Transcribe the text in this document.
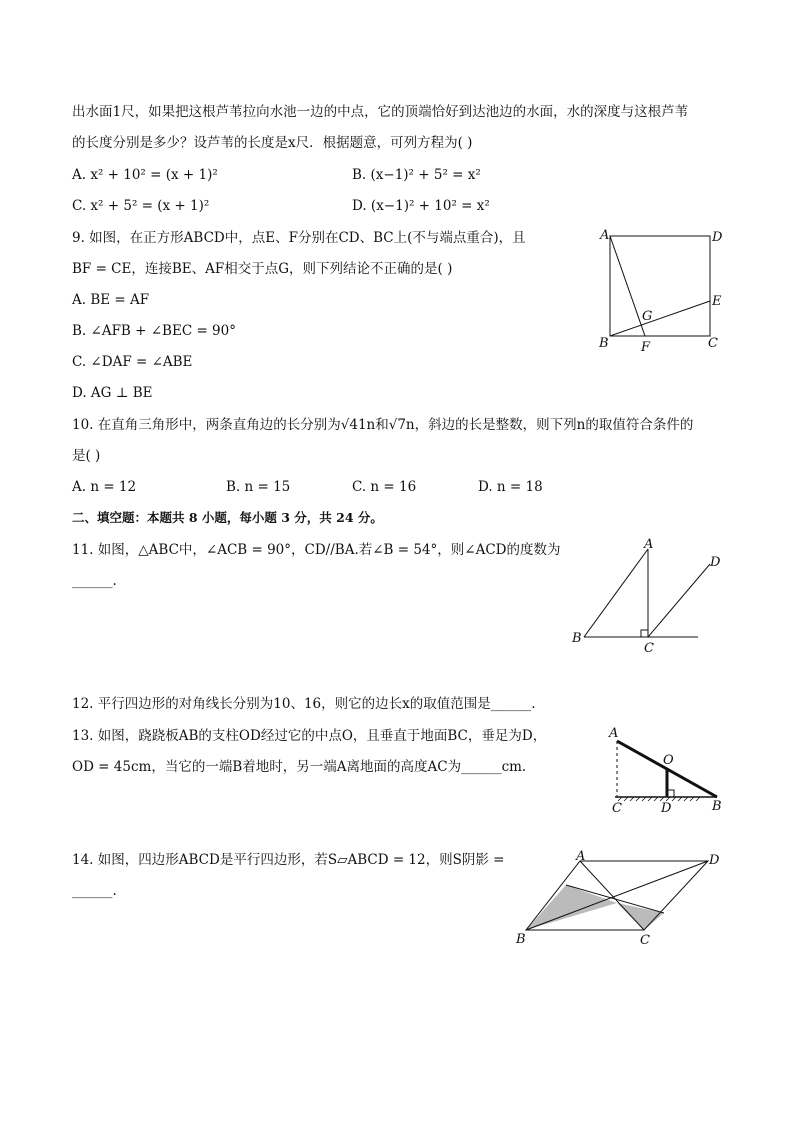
出水面1尺，如果把这根芦苇拉向水池一边的中点，它的顶端恰好到达池边的水面，水的深度与这根芦苇
的长度分别是多少？设芦苇的长度是x尺．根据题意，可列方程为( )
A. x² + 10² = (x + 1)²	B. (x−1)² + 5² = x²
C. x² + 5² = (x + 1)²	D. (x−1)² + 10² = x²
9. 如图，在正方形ABCD中，点E、F分别在CD、BC上(不与端点重合)，且
BF = CE，连接BE、AF相交于点G，则下列结论不正确的是( )
A. BE = AF
B. ∠AFB + ∠BEC = 90°
C. ∠DAF = ∠ABE
D. AG ⊥ BE
A	D
E
G
B F	C
10. 在直角三角形中，两条直角边的长分别为√41n和√7n，斜边的长是整数，则下列n的取值符合条件的
是( )
A. n = 12	B. n = 15	C. n = 16	D. n = 18
二、填空题：本题共 8 小题，每小题 3 分，共 24 分。
11. 如图，△ABC中，∠ACB = 90°，CD//BA.若∠B = 54°，则∠ACD的度数为
______.
A
D
B
C
12. 平行四边形的对角线长分别为10、16，则它的边长x的取值范围是______.
13. 如图，跷跷板AB的支柱OD经过它的中点O，且垂直于地面BC，垂足为D，
OD = 45cm，当它的一端B着地时，另一端A离地面的高度AC为______cm.
A
O
C	D	B
14. 如图，四边形ABCD是平行四边形，若S▱ABCD = 12，则S阴影 =
______.
A	D
B	C
